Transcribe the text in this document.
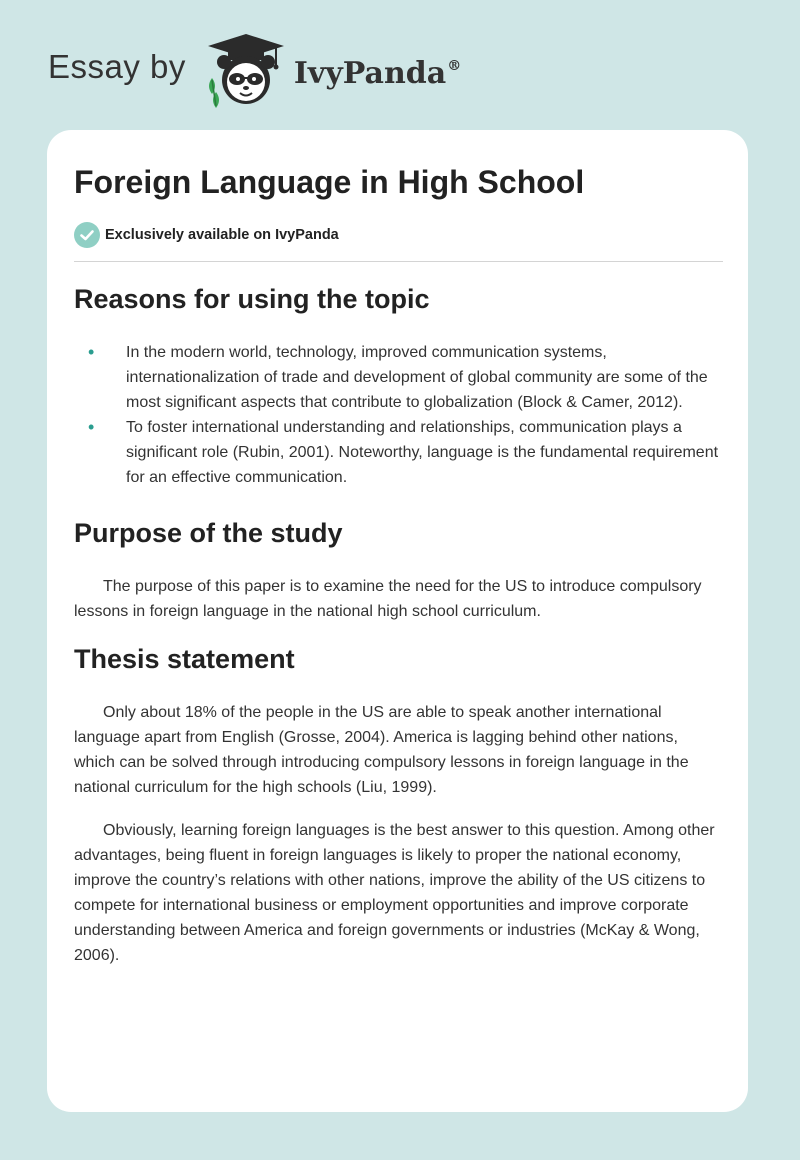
Essay by	IvyPanda®
Foreign Language in High School
Exclusively available on IvyPanda
Reasons for using the topic
• In the modern world, technology, improved communication systems, internationalization of trade and development of global community are some of the most significant aspects that contribute to globalization (Block & Camer, 2012).
• To foster international understanding and relationships, communication plays a significant role (Rubin, 2001). Noteworthy, language is the fundamental requirement for an effective communication.
Purpose of the study

The purpose of this paper is to examine the need for the US to introduce compulsory lessons in foreign language in the national high school curriculum.

Thesis statement

Only about 18% of the people in the US are able to speak another international language apart from English (Grosse, 2004). America is lagging behind other nations, which can be solved through introducing compulsory lessons in foreign language in the national curriculum for the high schools (Liu, 1999).

Obviously, learning foreign languages is the best answer to this question. Among other advantages, being fluent in foreign languages is likely to proper the national economy, improve the country’s relations with other nations, improve the ability of the US citizens to compete for international business or employment opportunities and improve corporate understanding between America and foreign governments or industries (McKay & Wong, 2006).
